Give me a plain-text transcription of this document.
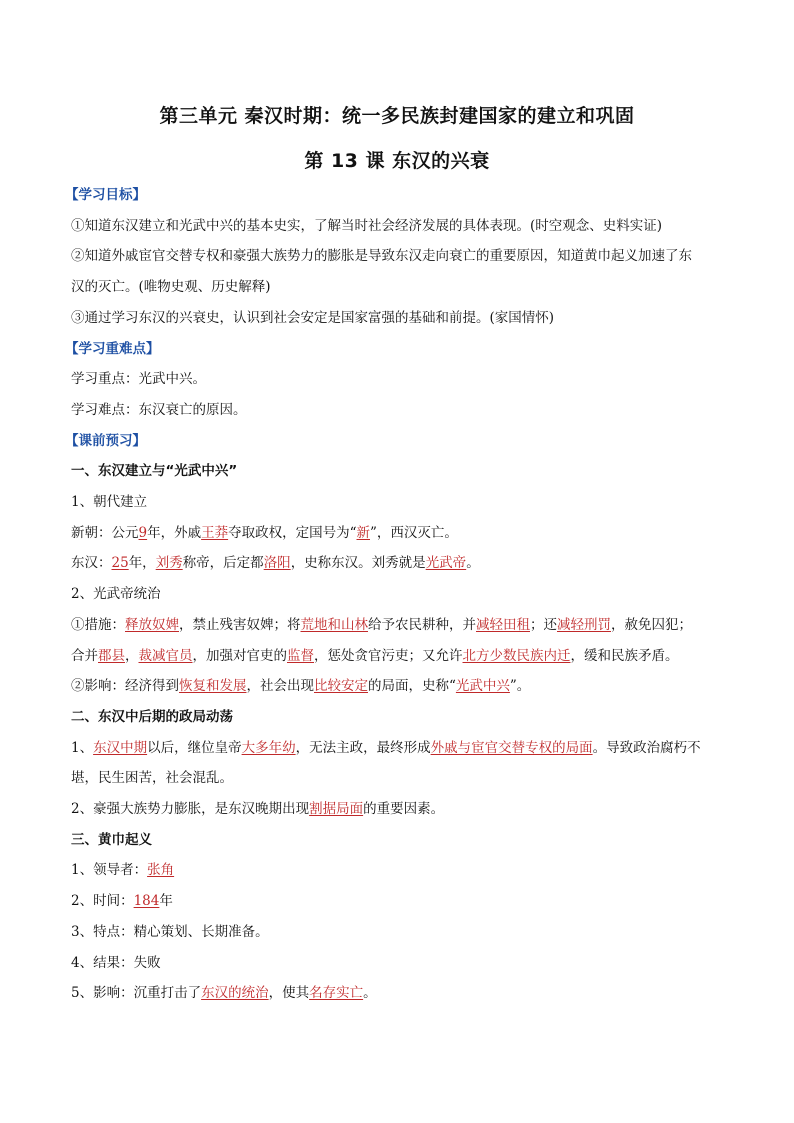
第三单元 秦汉时期：统一多民族封建国家的建立和巩固
第 13 课 东汉的兴衰
【学习目标】
①知道东汉建立和光武中兴的基本史实，了解当时社会经济发展的具体表现。(时空观念、史料实证)
②知道外戚宦官交替专权和豪强大族势力的膨胀是导致东汉走向衰亡的重要原因，知道黄巾起义加速了东
汉的灭亡。(唯物史观、历史解释)
③通过学习东汉的兴衰史，认识到社会安定是国家富强的基础和前提。(家国情怀)
【学习重难点】
学习重点：光武中兴。
学习难点：东汉衰亡的原因。
【课前预习】
一、东汉建立与“光武中兴”
1、朝代建立
新朝：公元9年，外戚王莽夺取政权，定国号为“新”，西汉灭亡。
东汉：25年，刘秀称帝，后定都洛阳，史称东汉。刘秀就是光武帝。
2、光武帝统治
①措施：释放奴婢，禁止残害奴婢；将荒地和山林给予农民耕种，并减轻田租；还减轻刑罚，赦免囚犯；
合并郡县，裁减官员，加强对官吏的监督，惩处贪官污吏；又允许北方少数民族内迁，缓和民族矛盾。
②影响：经济得到恢复和发展，社会出现比较安定的局面，史称“光武中兴”。
二、东汉中后期的政局动荡
1、东汉中期以后，继位皇帝大多年幼，无法主政，最终形成外戚与宦官交替专权的局面。导致政治腐朽不
堪，民生困苦，社会混乱。
2、豪强大族势力膨胀，是东汉晚期出现割据局面的重要因素。
三、黄巾起义
1、领导者：张角
2、时间：184年
3、特点：精心策划、长期准备。
4、结果：失败
5、影响：沉重打击了东汉的统治，使其名存实亡。
